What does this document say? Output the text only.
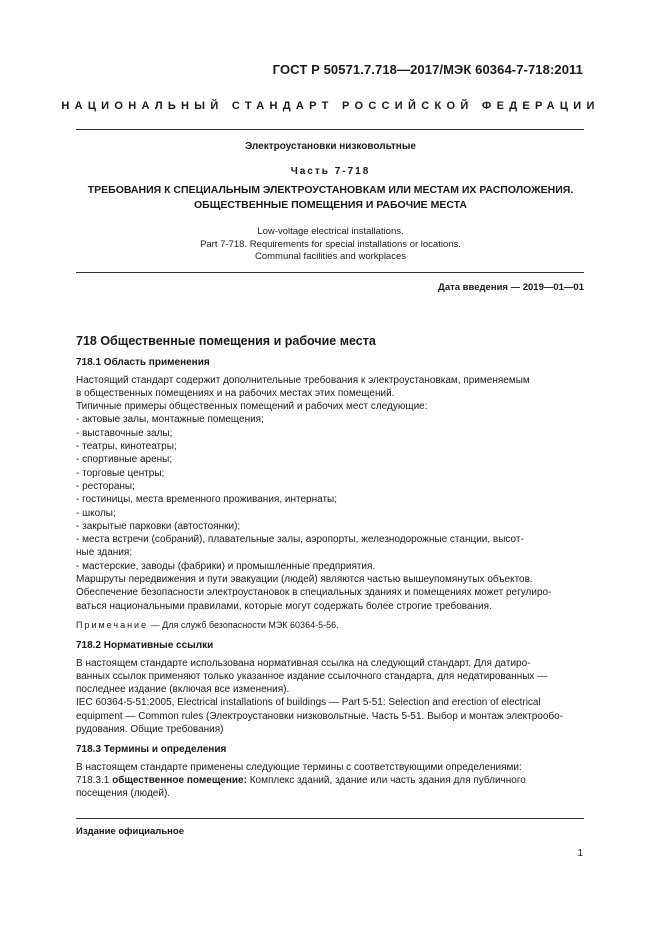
ГОСТ Р 50571.7.718—2017/МЭК 60364-7-718:2011
НАЦИОНАЛЬНЫЙ СТАНДАРТ РОССИЙСКОЙ ФЕДЕРАЦИИ
Электроустановки низковольтные
Часть 7-718
ТРЕБОВАНИЯ К СПЕЦИАЛЬНЫМ ЭЛЕКТРОУСТАНОВКАМ ИЛИ МЕСТАМ ИХ РАСПОЛОЖЕНИЯ.
ОБЩЕСТВЕННЫЕ ПОМЕЩЕНИЯ И РАБОЧИЕ МЕСТА
Low-voltage electrical installations.
Part 7-718. Requirements for special installations or locations.
Communal facilities and workplaces
Дата введения — 2019—01—01
718 Общественные помещения и рабочие места
718.1 Область применения
Настоящий стандарт содержит дополнительные требования к электроустановкам, применяемым
в общественных помещениях и на рабочих местах этих помещений.
Типичные примеры общественных помещений и рабочих мест следующие:
- актовые залы, монтажные помещения;
- выставочные залы;
- театры, кинотеатры;
- спортивные арены;
- торговые центры;
- рестораны;
- гостиницы, места временного проживания, интернаты;
- школы;
- закрытые парковки (автостоянки);
- места встречи (собраний), плавательные залы, аэропорты, железнодорожные станции, высот-
ные здания;
- мастерские, заводы (фабрики) и промышленные предприятия.
Маршруты передвижения и пути эвакуации (людей) являются частью вышеупомянутых объектов.
Обеспечение безопасности электроустановок в специальных зданиях и помещениях может регулиро-
ваться национальными правилами, которые могут содержать более строгие требования.
Примечание — Для служб безопасности МЭК 60364-5-56.
718.2 Нормативные ссылки
В настоящем стандарте использована нормативная ссылка на следующий стандарт. Для датиро-
ванных ссылок применяют только указанное издание ссылочного стандарта, для недатированных —
последнее издание (включая все изменения).
IEC 60364-5-51:2005, Electrical installations of buildings — Part 5-51: Selection and erection of electrical
equipment — Common rules (Электроустановки низковольтные. Часть 5-51. Выбор и монтаж электрообо-
рудования. Общие требования)
718.3 Термины и определения
В настоящем стандарте применены следующие термины с соответствующими определениями:
718.3.1 общественное помещение: Комплекс зданий, здание или часть здания для публичного
посещения (людей).
Издание официальное
1
